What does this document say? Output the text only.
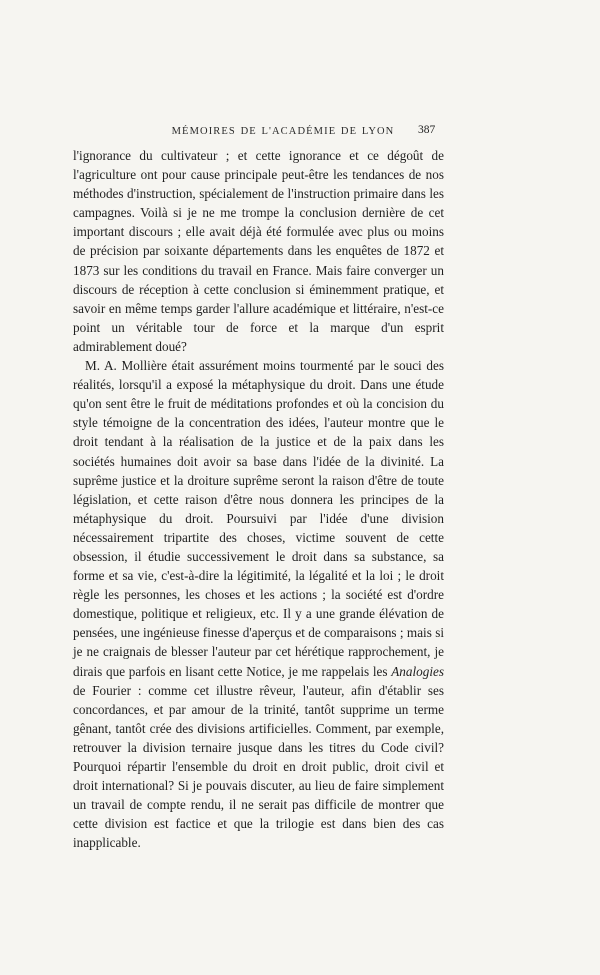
MÉMOIRES DE L'ACADÉMIE DE LYON	387

l'ignorance du cultivateur ; et cette ignorance et ce dégoût de l'agriculture ont pour cause principale peut-être les tendances de nos méthodes d'instruction, spécialement de l'instruction primaire dans les campagnes. Voilà si je ne me trompe la conclusion dernière de cet important discours ; elle avait déjà été formulée avec plus ou moins de précision par soixante départements dans les enquêtes de 1872 et 1873 sur les conditions du travail en France. Mais faire converger un discours de réception à cette conclusion si éminemment pratique, et savoir en même temps garder l'allure académique et littéraire, n'est-ce point un véritable tour de force et la marque d'un esprit admirablement doué?

M. A. Mollière était assurément moins tourmenté par le souci des réalités, lorsqu'il a exposé la métaphysique du droit. Dans une étude qu'on sent être le fruit de méditations profondes et où la concision du style témoigne de la concentration des idées, l'auteur montre que le droit tendant à la réalisation de la justice et de la paix dans les sociétés humaines doit avoir sa base dans l'idée de la divinité. La suprême justice et la droiture suprême seront la raison d'être de toute législation, et cette raison d'être nous donnera les principes de la métaphysique du droit. Poursuivi par l'idée d'une division nécessairement tripartite des choses, victime souvent de cette obsession, il étudie successivement le droit dans sa substance, sa forme et sa vie, c'est-à-dire la légitimité, la légalité et la loi ; le droit règle les personnes, les choses et les actions ; la société est d'ordre domestique, politique et religieux, etc. Il y a une grande élévation de pensées, une ingénieuse finesse d'aperçus et de comparaisons ; mais si je ne craignais de blesser l'auteur par cet hérétique rapprochement, je dirais que parfois en lisant cette Notice, je me rappelais les Analogies de Fourier : comme cet illustre rêveur, l'auteur, afin d'établir ses concordances, et par amour de la trinité, tantôt supprime un terme gênant, tantôt crée des divisions artificielles. Comment, par exemple, retrouver la division ternaire jusque dans les titres du Code civil? Pourquoi répartir l'ensemble du droit en droit public, droit civil et droit international? Si je pouvais discuter, au lieu de faire simplement un travail de compte rendu, il ne serait pas difficile de montrer que cette division est factice et que la trilogie est dans bien des cas inapplicable.
